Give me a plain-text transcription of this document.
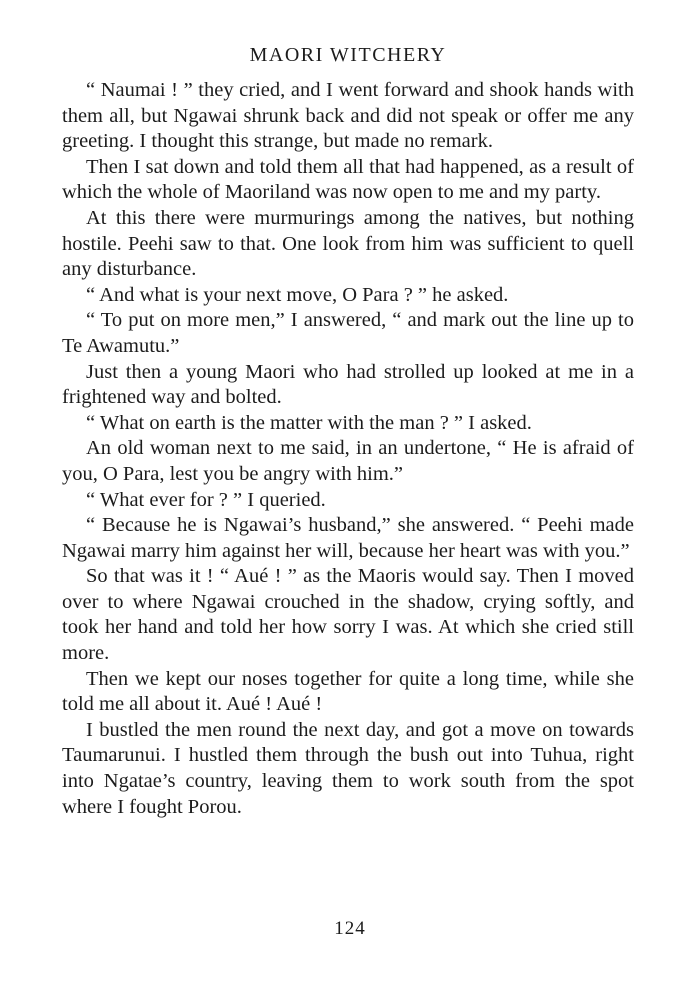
MAORI WITCHERY

“ Naumai ! ” they cried, and I went forward and shook hands with them all, but Ngawai shrunk back and did not speak or offer me any greeting. I thought this strange, but made no remark.

Then I sat down and told them all that had happened, as a result of which the whole of Maoriland was now open to me and my party.

At this there were murmurings among the natives, but nothing hostile. Peehi saw to that. One look from him was sufficient to quell any disturbance.

“ And what is your next move, O Para ? ” he asked.

“ To put on more men,” I answered, “ and mark out the line up to Te Awamutu.”

Just then a young Maori who had strolled up looked at me in a frightened way and bolted.

“ What on earth is the matter with the man ? ” I asked.

An old woman next to me said, in an undertone, “ He is afraid of you, O Para, lest you be angry with him.”

“ What ever for ? ” I queried.

“ Because he is Ngawai’s husband,” she answered. “ Peehi made Ngawai marry him against her will, because her heart was with you.”

So that was it ! “ Aué ! ” as the Maoris would say. Then I moved over to where Ngawai crouched in the shadow, crying softly, and took her hand and told her how sorry I was. At which she cried still more.

Then we kept our noses together for quite a long time, while she told me all about it. Aué ! Aué !

I bustled the men round the next day, and got a move on towards Taumarunui. I hustled them through the bush out into Tuhua, right into Ngatae’s country, leaving them to work south from the spot where I fought Porou.

124
